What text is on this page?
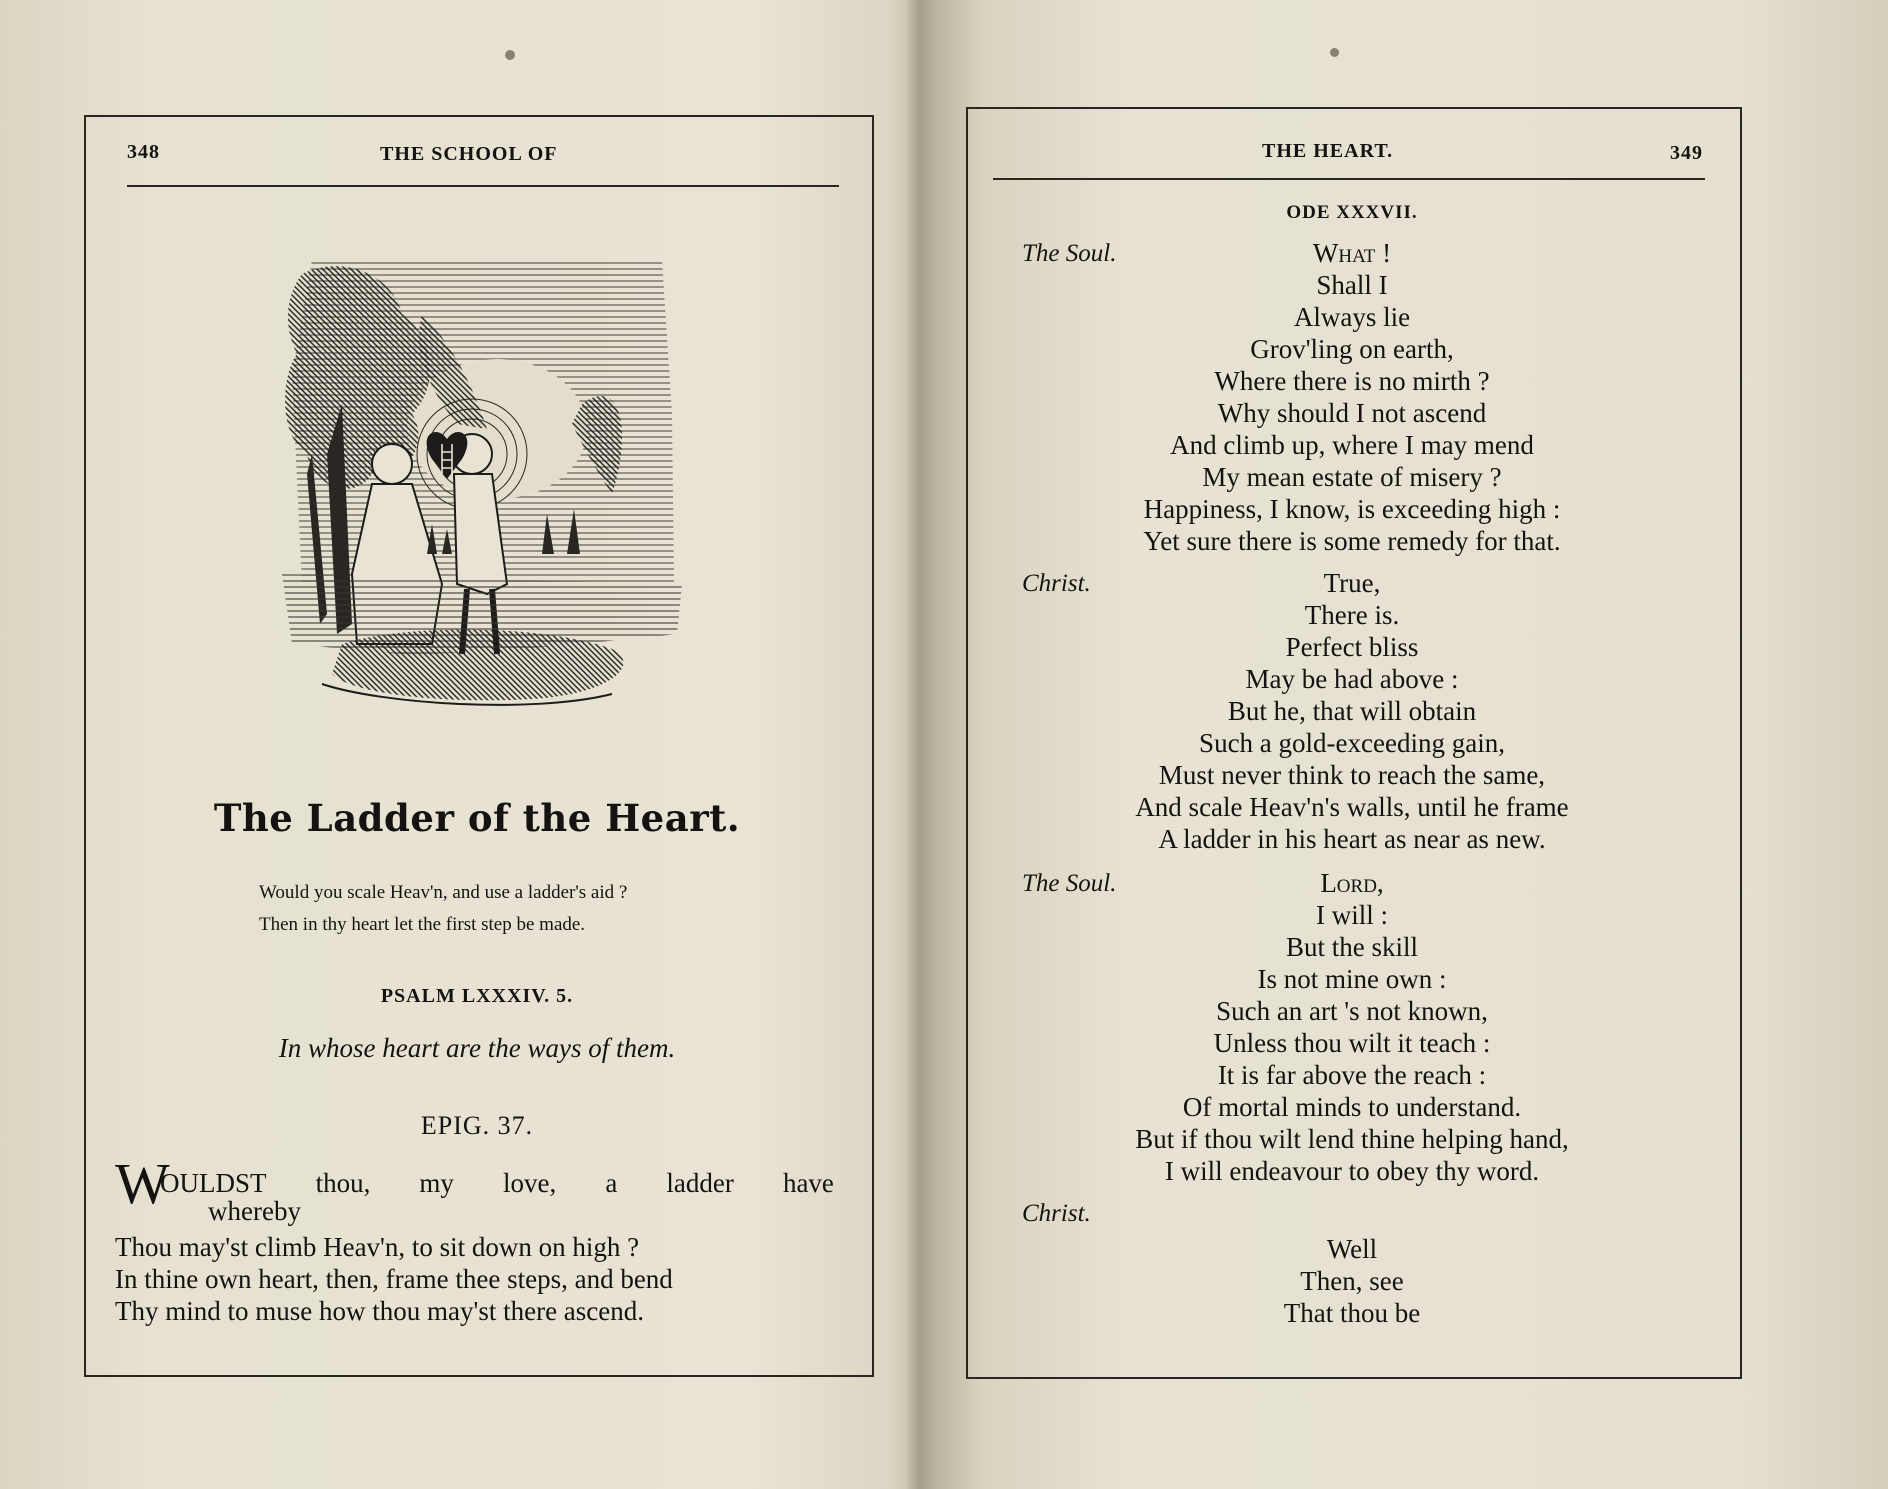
348	THE SCHOOL OF
The Ladder of the Heart.
Would you scale Heav'n, and use a ladder's aid ?
Then in thy heart let the first step be made.
PSALM LXXXIV. 5.
In whose heart are the ways of them.
EPIG. 37.
W
OULDST thou, my love, a ladder have
whereby
Thou may'st climb Heav'n, to sit down on high ?
In thine own heart, then, frame thee steps, and bend
Thy mind to muse how thou may'st there ascend.
THE HEART.	349
ODE XXXVII.
The Soul.	What !
Shall I
Always lie
Grov'ling on earth,
Where there is no mirth ?
Why should I not ascend
And climb up, where I may mend
My mean estate of misery ?
Happiness, I know, is exceeding high :
Yet sure there is some remedy for that.
Christ.	True,
There is.
Perfect bliss
May be had above :
But he, that will obtain
Such a gold-exceeding gain,
Must never think to reach the same,
And scale Heav'n's walls, until he frame
A ladder in his heart as near as new.
The Soul.	Lord,
I will :
But the skill
Is not mine own :
Such an art 's not known,
Unless thou wilt it teach :
It is far above the reach :
Of mortal minds to understand.
But if thou wilt lend thine helping hand,
I will endeavour to obey thy word.
Christ.
Well
Then, see
That thou be
